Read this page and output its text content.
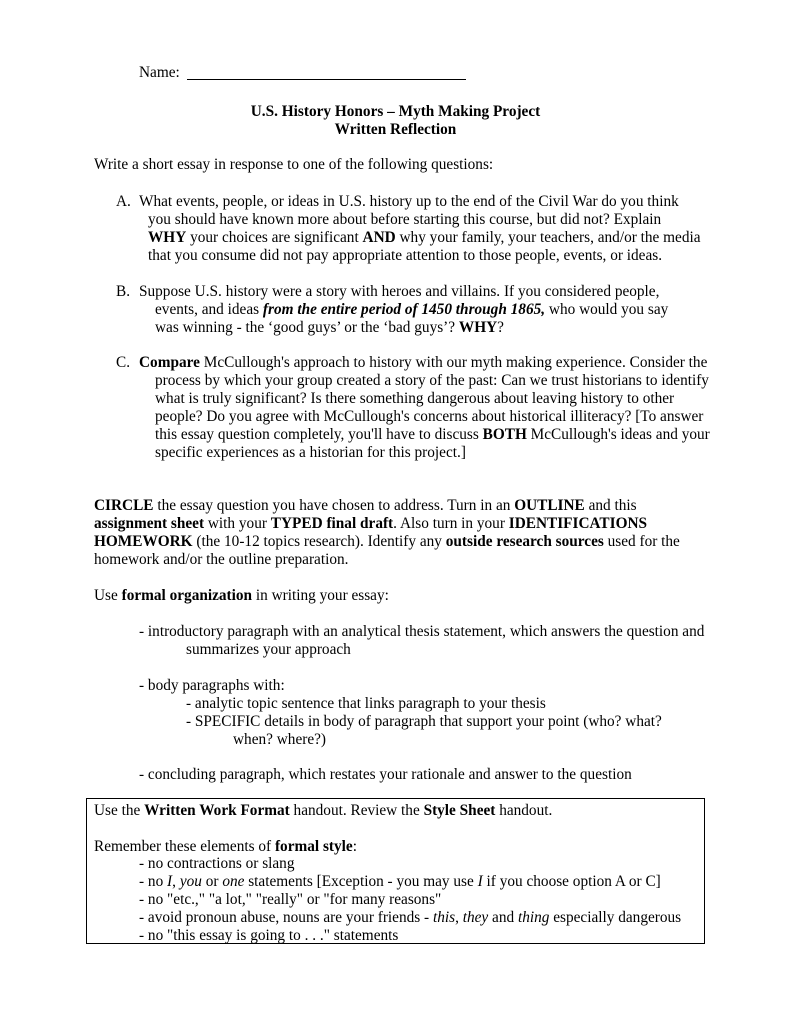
Name:
U.S. History Honors – Myth Making Project
Written Reflection
Write a short essay in response to one of the following questions:
A. What events, people, or ideas in U.S. history up to the end of the Civil War do you think
you should have known more about before starting this course, but did not? Explain
WHY your choices are significant AND why your family, your teachers, and/or the media
that you consume did not pay appropriate attention to those people, events, or ideas.
B. Suppose U.S. history were a story with heroes and villains. If you considered people,
events, and ideas from the entire period of 1450 through 1865, who would you say
was winning - the ‘good guys’ or the ‘bad guys’? WHY?
C. Compare McCullough's approach to history with our myth making experience. Consider the
process by which your group created a story of the past: Can we trust historians to identify
what is truly significant? Is there something dangerous about leaving history to other
people? Do you agree with McCullough's concerns about historical illiteracy? [To answer
this essay question completely, you'll have to discuss BOTH McCullough's ideas and your
specific experiences as a historian for this project.]
CIRCLE the essay question you have chosen to address. Turn in an OUTLINE and this
assignment sheet with your TYPED final draft. Also turn in your IDENTIFICATIONS
HOMEWORK (the 10-12 topics research). Identify any outside research sources used for the
homework and/or the outline preparation.
Use formal organization in writing your essay:
- introductory paragraph with an analytical thesis statement, which answers the question and
summarizes your approach
- body paragraphs with:
- analytic topic sentence that links paragraph to your thesis
- SPECIFIC details in body of paragraph that support your point (who? what?
when? where?)
- concluding paragraph, which restates your rationale and answer to the question
Use the Written Work Format handout. Review the Style Sheet handout.
Remember these elements of formal style:
- no contractions or slang
- no I, you or one statements [Exception - you may use I if you choose option A or C]
- no "etc.," "a lot," "really" or "for many reasons"
- avoid pronoun abuse, nouns are your friends - this, they and thing especially dangerous
- no "this essay is going to . . ." statements
